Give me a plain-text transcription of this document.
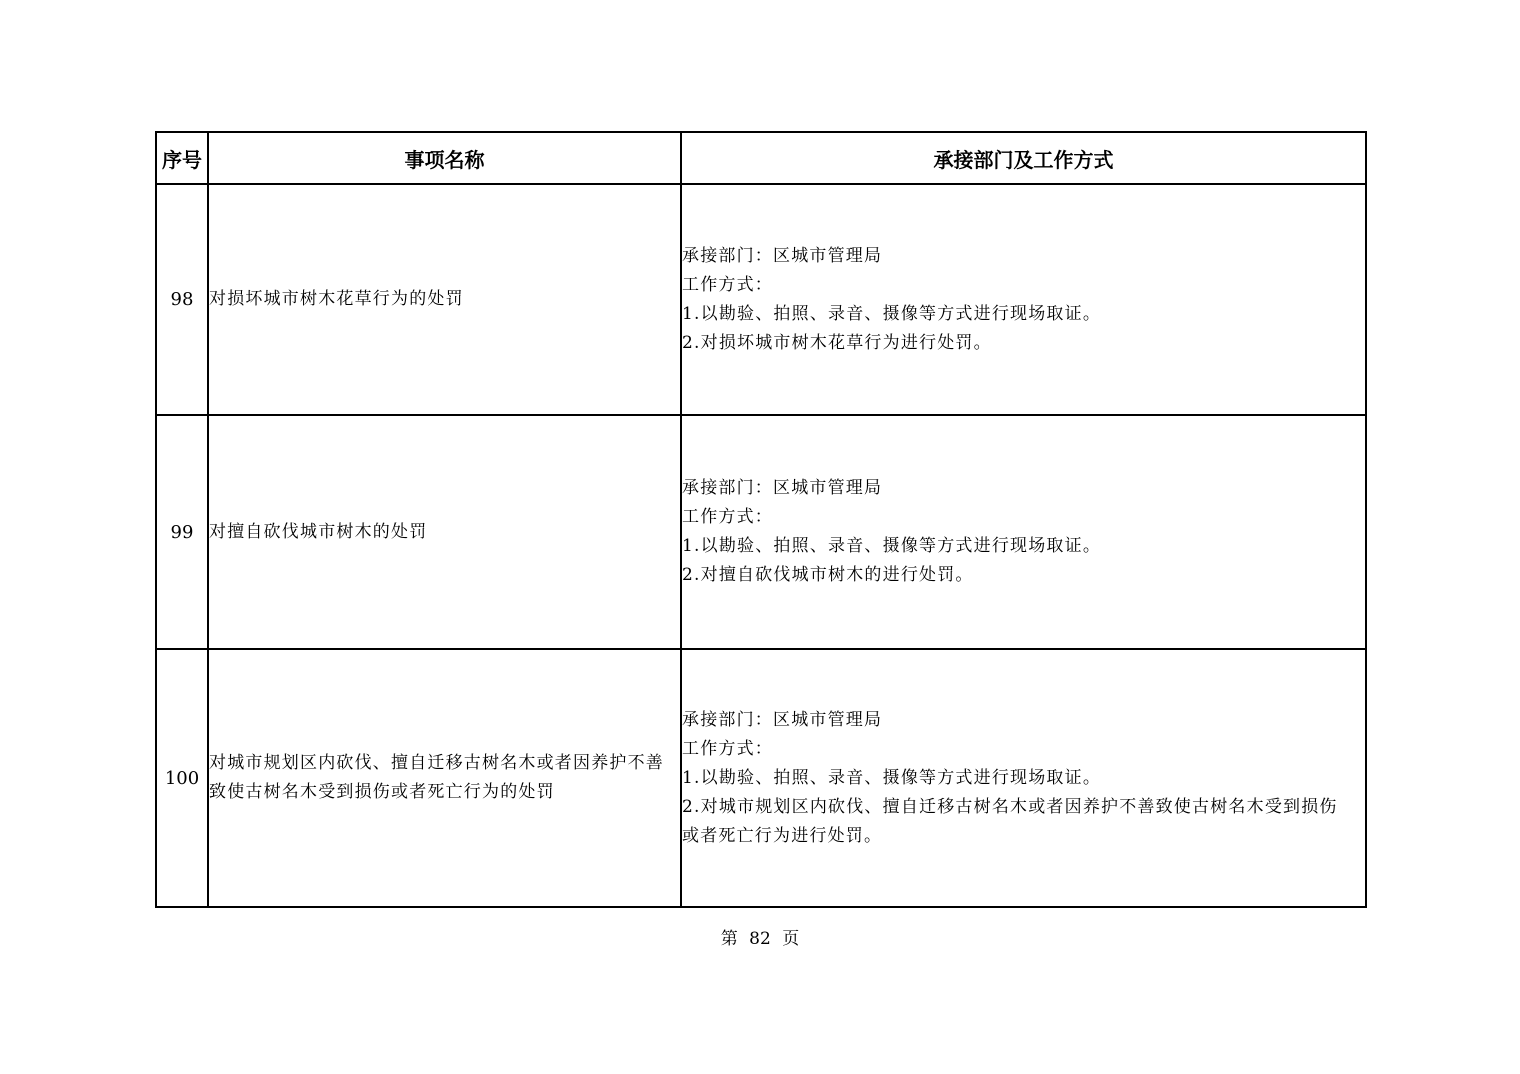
序号	事项名称	承接部门及工作方式
98	对损坏城市树木花草行为的处罚	承接部门：区城市管理局
工作方式：
1.以勘验、拍照、录音、摄像等方式进行现场取证。
2.对损坏城市树木花草行为进行处罚。

99	对擅自砍伐城市树木的处罚	承接部门：区城市管理局
工作方式：
1.以勘验、拍照、录音、摄像等方式进行现场取证。
2.对擅自砍伐城市树木的进行处罚。

100	对城市规划区内砍伐、擅自迁移古树名木或者因养护不善
致使古树名木受到损伤或者死亡行为的处罚	承接部门：区城市管理局
工作方式：
1.以勘验、拍照、录音、摄像等方式进行现场取证。
2.对城市规划区内砍伐、擅自迁移古树名木或者因养护不善致使古树名木受到损伤
或者死亡行为进行处罚。
第 82 页
